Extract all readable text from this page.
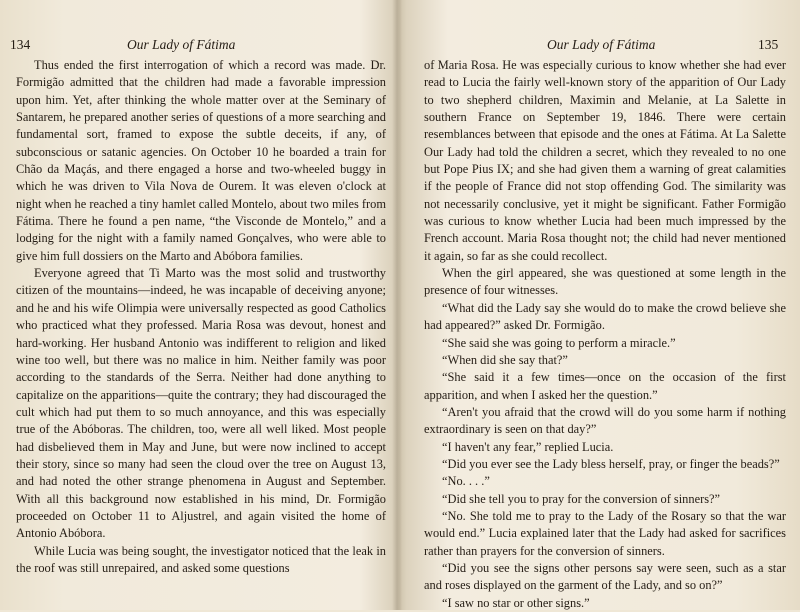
134	Our Lady of Fátima

Thus ended the first interrogation of which a record was made. Dr. Formigão admitted that the children had made a favorable impression upon him. Yet, after thinking the whole matter over at the Seminary of Santarem, he prepared another series of questions of a more searching and fundamental sort, framed to expose the subtle deceits, if any, of subconscious or satanic agencies. On October 10 he boarded a train for Chão da Maçás, and there engaged a horse and two-wheeled buggy in which he was driven to Vila Nova de Ourem. It was eleven o'clock at night when he reached a tiny hamlet called Montelo, about two miles from Fátima. There he found a pen name, “the Visconde de Montelo,” and a lodging for the night with a family named Gonçalves, who were able to give him full dossiers on the Marto and Abóbora families.

Everyone agreed that Ti Marto was the most solid and trustworthy citizen of the mountains—indeed, he was incapable of deceiving anyone; and he and his wife Olimpia were universally respected as good Catholics who practiced what they professed. Maria Rosa was devout, honest and hard-working. Her husband Antonio was indifferent to religion and liked wine too well, but there was no malice in him. Neither family was poor according to the standards of the Serra. Neither had done anything to capitalize on the apparitions—quite the contrary; they had discouraged the cult which had put them to so much annoyance, and this was especially true of the Abóboras. The children, too, were all well liked. Most people had disbelieved them in May and June, but were now inclined to accept their story, since so many had seen the cloud over the tree on August 13, and had noted the other strange phenomena in August and September. With all this background now established in his mind, Dr. Formigão proceeded on October 11 to Aljustrel, and again visited the home of Antonio Abóbora.

While Lucia was being sought, the investigator noticed that the leak in the roof was still unrepaired, and asked some questions

Our Lady of Fátima	135

of Maria Rosa. He was especially curious to know whether she had ever read to Lucia the fairly well-known story of the apparition of Our Lady to two shepherd children, Maximin and Melanie, at La Salette in southern France on September 19, 1846. There were certain resemblances between that episode and the ones at Fátima. At La Salette Our Lady had told the children a secret, which they revealed to no one but Pope Pius IX; and she had given them a warning of great calamities if the people of France did not stop offending God. The similarity was not necessarily conclusive, yet it might be significant. Father Formigão was curious to know whether Lucia had been much impressed by the French account. Maria Rosa thought not; the child had never mentioned it again, so far as she could recollect.

When the girl appeared, she was questioned at some length in the presence of four witnesses.

“What did the Lady say she would do to make the crowd believe she had appeared?” asked Dr. Formigão.

“She said she was going to perform a miracle.”

“When did she say that?”

“She said it a few times—once on the occasion of the first apparition, and when I asked her the question.”

“Aren't you afraid that the crowd will do you some harm if nothing extraordinary is seen on that day?”

“I haven't any fear,” replied Lucia.

“Did you ever see the Lady bless herself, pray, or finger the beads?”

“No. . . .”

“Did she tell you to pray for the conversion of sinners?”

“No. She told me to pray to the Lady of the Rosary so that the war would end.” Lucia explained later that the Lady had asked for sacrifices rather than prayers for the conversion of sinners.

“Did you see the signs other persons say were seen, such as a star and roses displayed on the garment of the Lady, and so on?”

“I saw no star or other signs.”
